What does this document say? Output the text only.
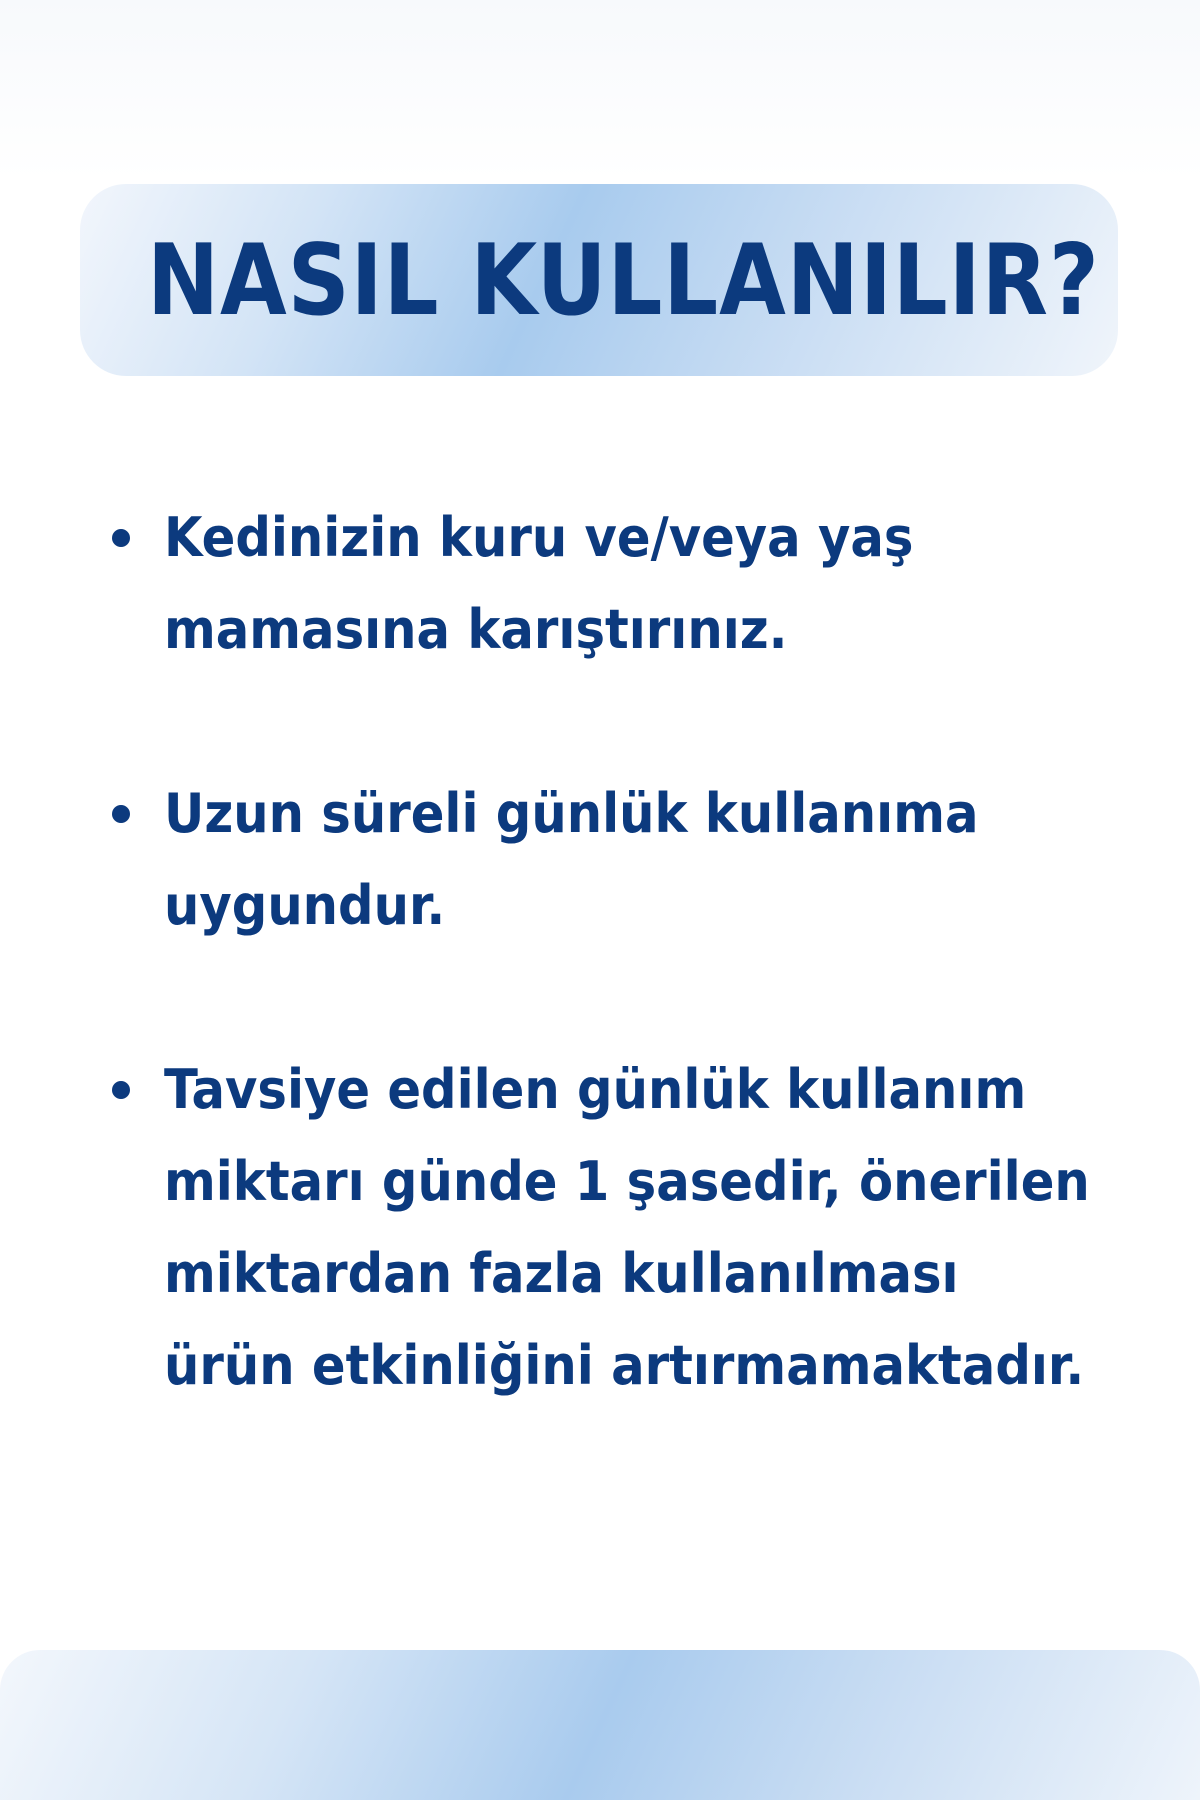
NASIL KULLANILIR?

Kedinizin kuru ve/veya yaş
mamasına karıştırınız.

Uzun süreli günlük kullanıma
uygundur.

Tavsiye edilen günlük kullanım
miktarı günde 1 şasedir, önerilen
miktardan fazla kullanılması
ürün etkinliğini artırmamaktadır.
